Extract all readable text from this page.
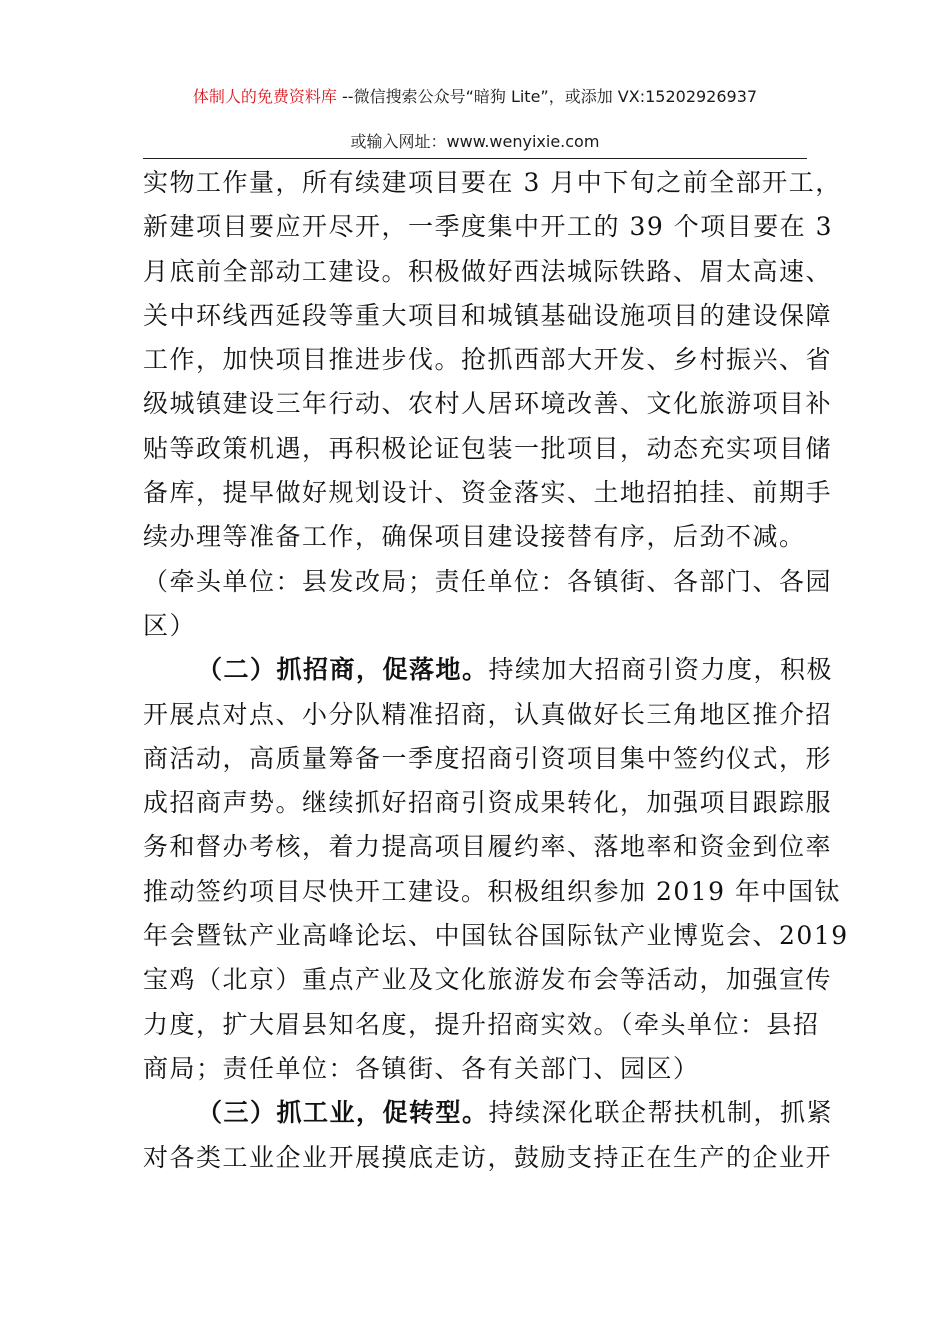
体制人的免费资料库 --微信搜索公众号“暗狗 Lite”，或添加 VX:15202926937
或输入网址：www.wenyixie.com
实物工作量，所有续建项目要在 3 月中下旬之前全部开工，
新建项目要应开尽开，一季度集中开工的 39 个项目要在 3
月底前全部动工建设。积极做好西法城际铁路、眉太高速、
关中环线西延段等重大项目和城镇基础设施项目的建设保障
工作，加快项目推进步伐。抢抓西部大开发、乡村振兴、省
级城镇建设三年行动、农村人居环境改善、文化旅游项目补
贴等政策机遇，再积极论证包装一批项目，动态充实项目储
备库，提早做好规划设计、资金落实、土地招拍挂、前期手
续办理等准备工作，确保项目建设接替有序，后劲不减。
（牵头单位：县发改局；责任单位：各镇街、各部门、各园
区）
（二）抓招商，促落地。持续加大招商引资力度，积极
开展点对点、小分队精准招商，认真做好长三角地区推介招
商活动，高质量筹备一季度招商引资项目集中签约仪式，形
成招商声势。继续抓好招商引资成果转化，加强项目跟踪服
务和督办考核，着力提高项目履约率、落地率和资金到位率
推动签约项目尽快开工建设。积极组织参加 2019 年中国钛
年会暨钛产业高峰论坛、中国钛谷国际钛产业博览会、2019
宝鸡（北京）重点产业及文化旅游发布会等活动，加强宣传
力度，扩大眉县知名度，提升招商实效。（牵头单位：县招
商局；责任单位：各镇街、各有关部门、园区）
（三）抓工业，促转型。持续深化联企帮扶机制，抓紧
对各类工业企业开展摸底走访，鼓励支持正在生产的企业开
